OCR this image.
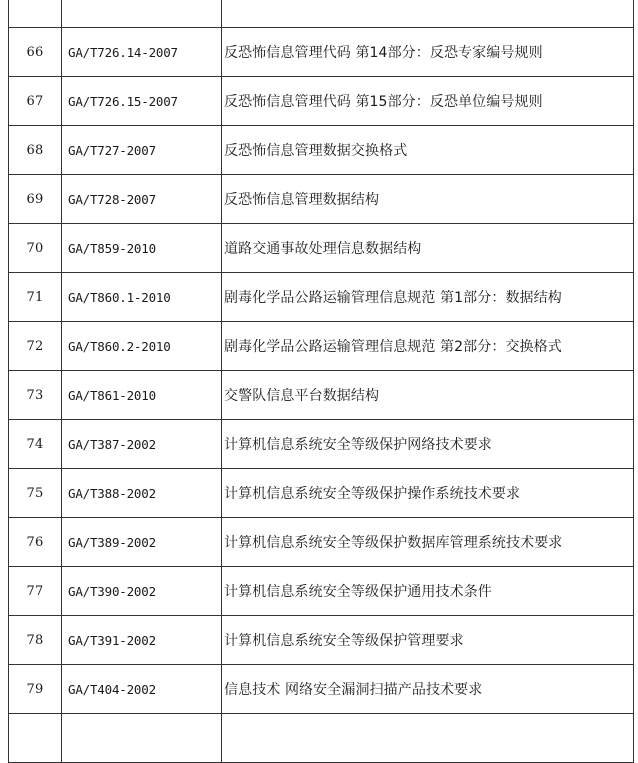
66	GA/T726.14-2007	反恐怖信息管理代码 第14部分：反恐专家编号规则
67	GA/T726.15-2007	反恐怖信息管理代码 第15部分：反恐单位编号规则
68	GA/T727-2007	反恐怖信息管理数据交换格式
69	GA/T728-2007	反恐怖信息管理数据结构
70	GA/T859-2010	道路交通事故处理信息数据结构
71	GA/T860.1-2010	剧毒化学品公路运输管理信息规范 第1部分：数据结构
72	GA/T860.2-2010	剧毒化学品公路运输管理信息规范 第2部分：交换格式
73	GA/T861-2010	交警队信息平台数据结构
74	GA/T387-2002	计算机信息系统安全等级保护网络技术要求
75	GA/T388-2002	计算机信息系统安全等级保护操作系统技术要求
76	GA/T389-2002	计算机信息系统安全等级保护数据库管理系统技术要求
77	GA/T390-2002	计算机信息系统安全等级保护通用技术条件
78	GA/T391-2002	计算机信息系统安全等级保护管理要求
79	GA/T404-2002	信息技术 网络安全漏洞扫描产品技术要求
